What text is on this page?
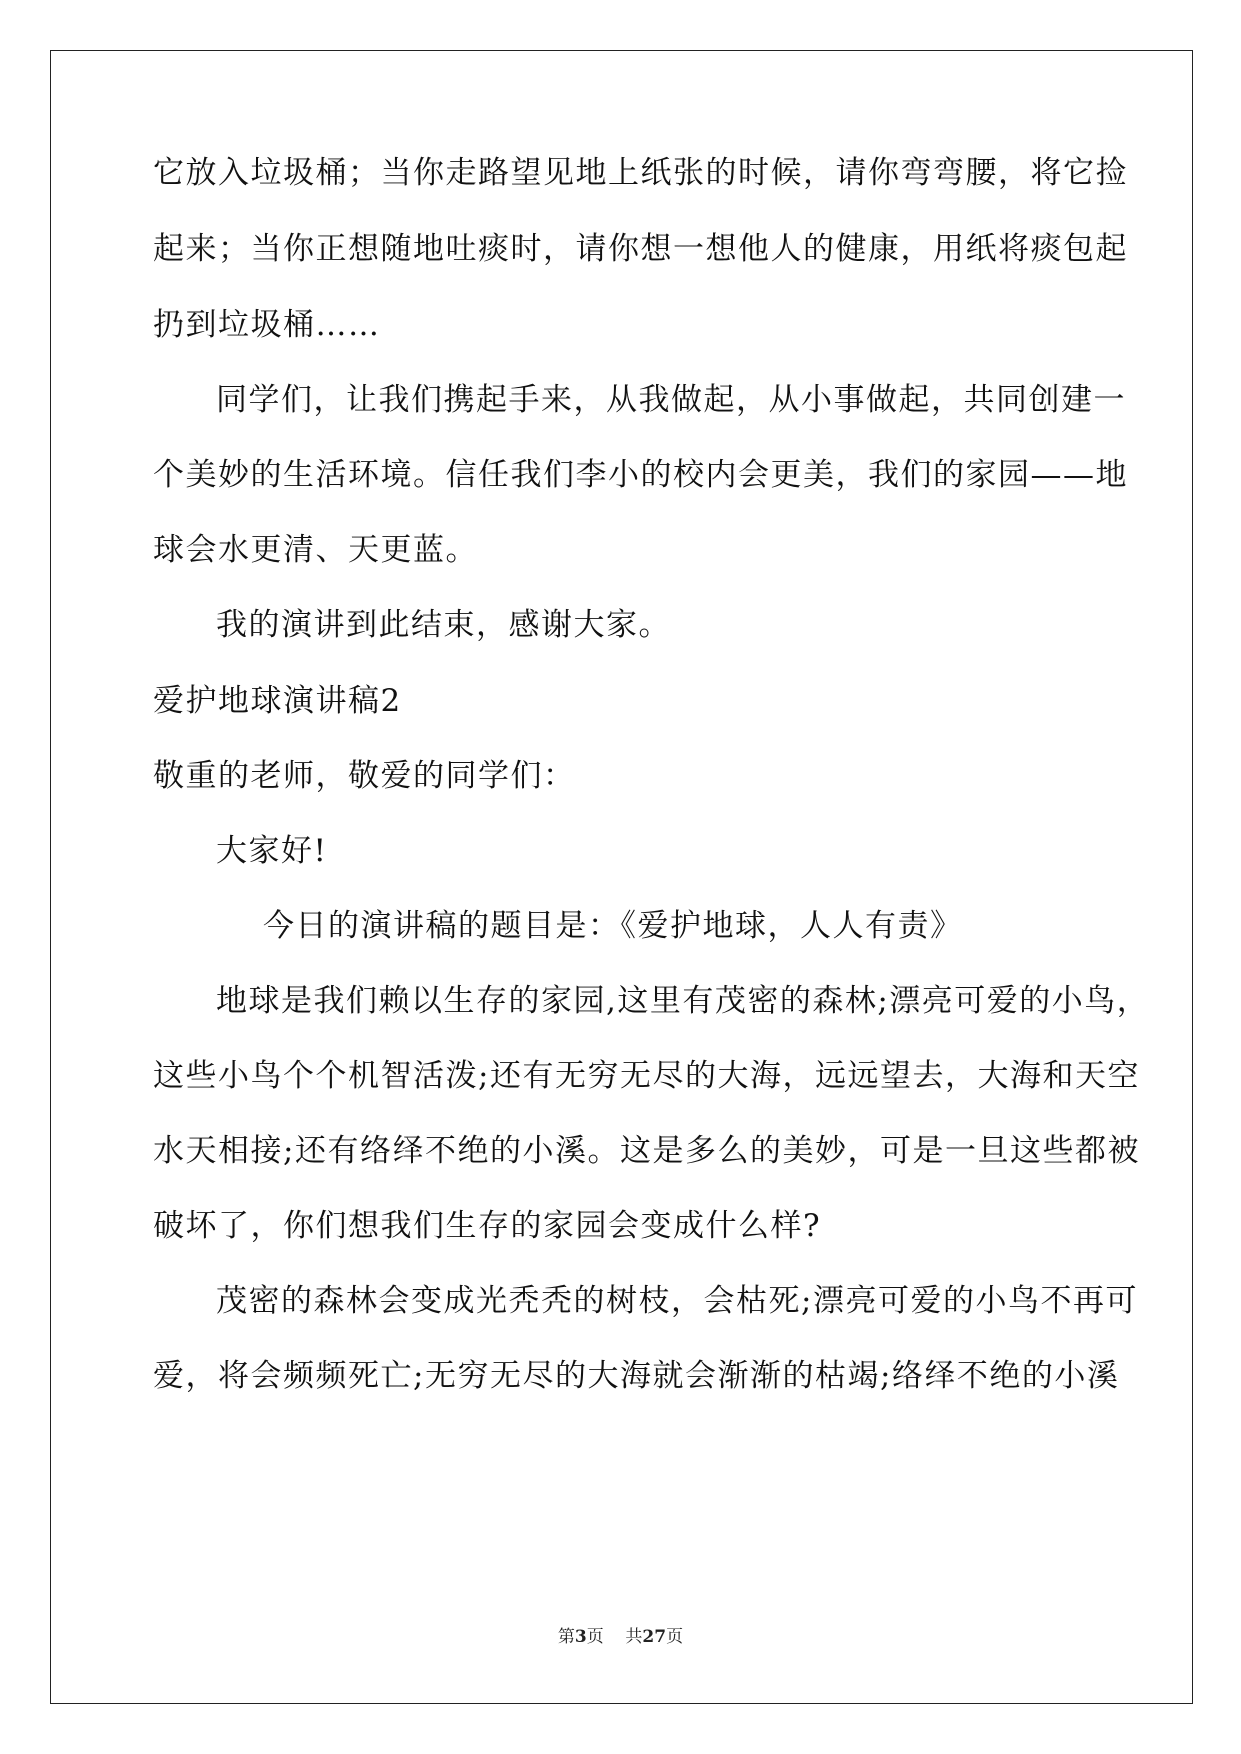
它放入垃圾桶；当你走路望见地上纸张的时候，请你弯弯腰，将它捡
起来；当你正想随地吐痰时，请你想一想他人的健康，用纸将痰包起
扔到垃圾桶……
同学们，让我们携起手来，从我做起，从小事做起，共同创建一
个美妙的生活环境。信任我们李小的校内会更美，我们的家园——地
球会水更清、天更蓝。
我的演讲到此结束，感谢大家。
爱护地球演讲稿2
敬重的老师，敬爱的同学们：
大家好!
今日的演讲稿的题目是：《爱护地球，人人有责》
地球是我们赖以生存的家园,这里有茂密的森林;漂亮可爱的小鸟，
这些小鸟个个机智活泼;还有无穷无尽的大海，远远望去，大海和天空
水天相接;还有络绎不绝的小溪。这是多么的美妙，可是一旦这些都被
破坏了，你们想我们生存的家园会变成什么样?
茂密的森林会变成光秃秃的树枝，会枯死;漂亮可爱的小鸟不再可
爱，将会频频死亡;无穷无尽的大海就会渐渐的枯竭;络绎不绝的小溪
第3页 共27页
